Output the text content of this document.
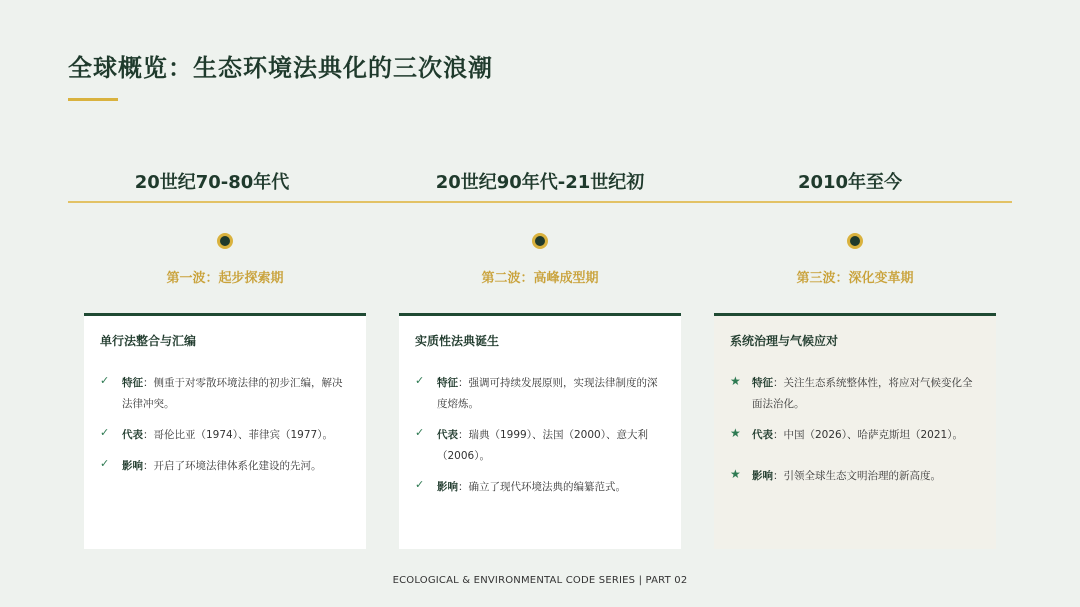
全球概览：生态环境法典化的三次浪潮
20世纪70-80年代	20世纪90年代-21世纪初	2010年至今
第一波：起步探索期	第二波：高峰成型期	第三波：深化变革期
单行法整合与汇编
✓	特征：侧重于对零散环境法律的初步汇编，解决法律冲突。
✓	代表：哥伦比亚（1974）、菲律宾（1977）。
✓	影响：开启了环境法律体系化建设的先河。
实质性法典诞生
✓	特征：强调可持续发展原则，实现法律制度的深度熔炼。
✓	代表：瑞典（1999）、法国（2000）、意大利（2006）。
✓	影响：确立了现代环境法典的编纂范式。
系统治理与气候应对
★	特征：关注生态系统整体性，将应对气候变化全面法治化。
★	代表：中国（2026）、哈萨克斯坦（2021）。
★	影响：引领全球生态文明治理的新高度。
ECOLOGICAL & ENVIRONMENTAL CODE SERIES | PART 02
